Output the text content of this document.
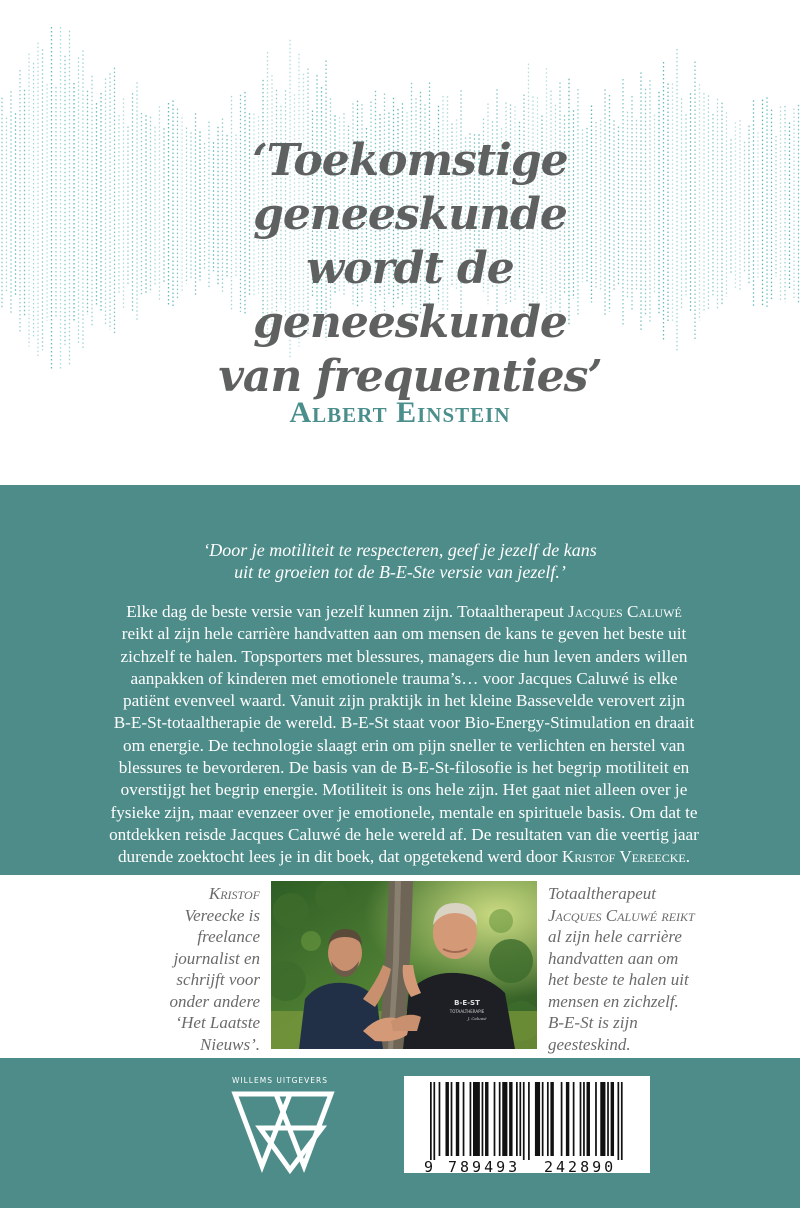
‘Toekomstige
geneeskunde
wordt de geneeskunde
van frequenties’
Albert Einstein
‘Door je motiliteit te respecteren, geef je jezelf de kans
uit te groeien tot de B-E-Ste versie van jezelf.’
Elke dag de beste versie van jezelf kunnen zijn. Totaaltherapeut Jacques Caluwé
reikt al zijn hele carrière handvatten aan om mensen de kans te geven het beste uit
zichzelf te halen. Topsporters met blessures, managers die hun leven anders willen
aanpakken of kinderen met emotionele trauma’s… voor Jacques Caluwé is elke
patiënt evenveel waard. Vanuit zijn praktijk in het kleine Bassevelde verovert zijn
B-E-St-totaaltherapie de wereld. B-E-St staat voor Bio-Energy-Stimulation en draait
om energie. De technologie slaagt erin om pijn sneller te verlichten en herstel van
blessures te bevorderen. De basis van de B-E-St-filosofie is het begrip motiliteit en
overstijgt het begrip energie. Motiliteit is ons hele zijn. Het gaat niet alleen over je
fysieke zijn, maar evenzeer over je emotionele, mentale en spirituele basis. Om dat te
ontdekken reisde Jacques Caluwé de hele wereld af. De resultaten van die veertig jaar
durende zoektocht lees je in dit boek, dat opgetekend werd door Kristof Vereecke.
Kristof
Vereecke is
freelance
journalist en
schrijft voor
onder andere
‘Het Laatste
Nieuws’.
B-E-ST
TOTAALTHERAPIE
J. Caluwé
Totaaltherapeut
Jacques Caluwé reikt
al zijn hele carrière
handvatten aan om
het beste te halen uit
mensen en zichzelf.
B-E-St is zijn
geesteskind.
WILLEMS UITGEVERS
9 789493 242890
